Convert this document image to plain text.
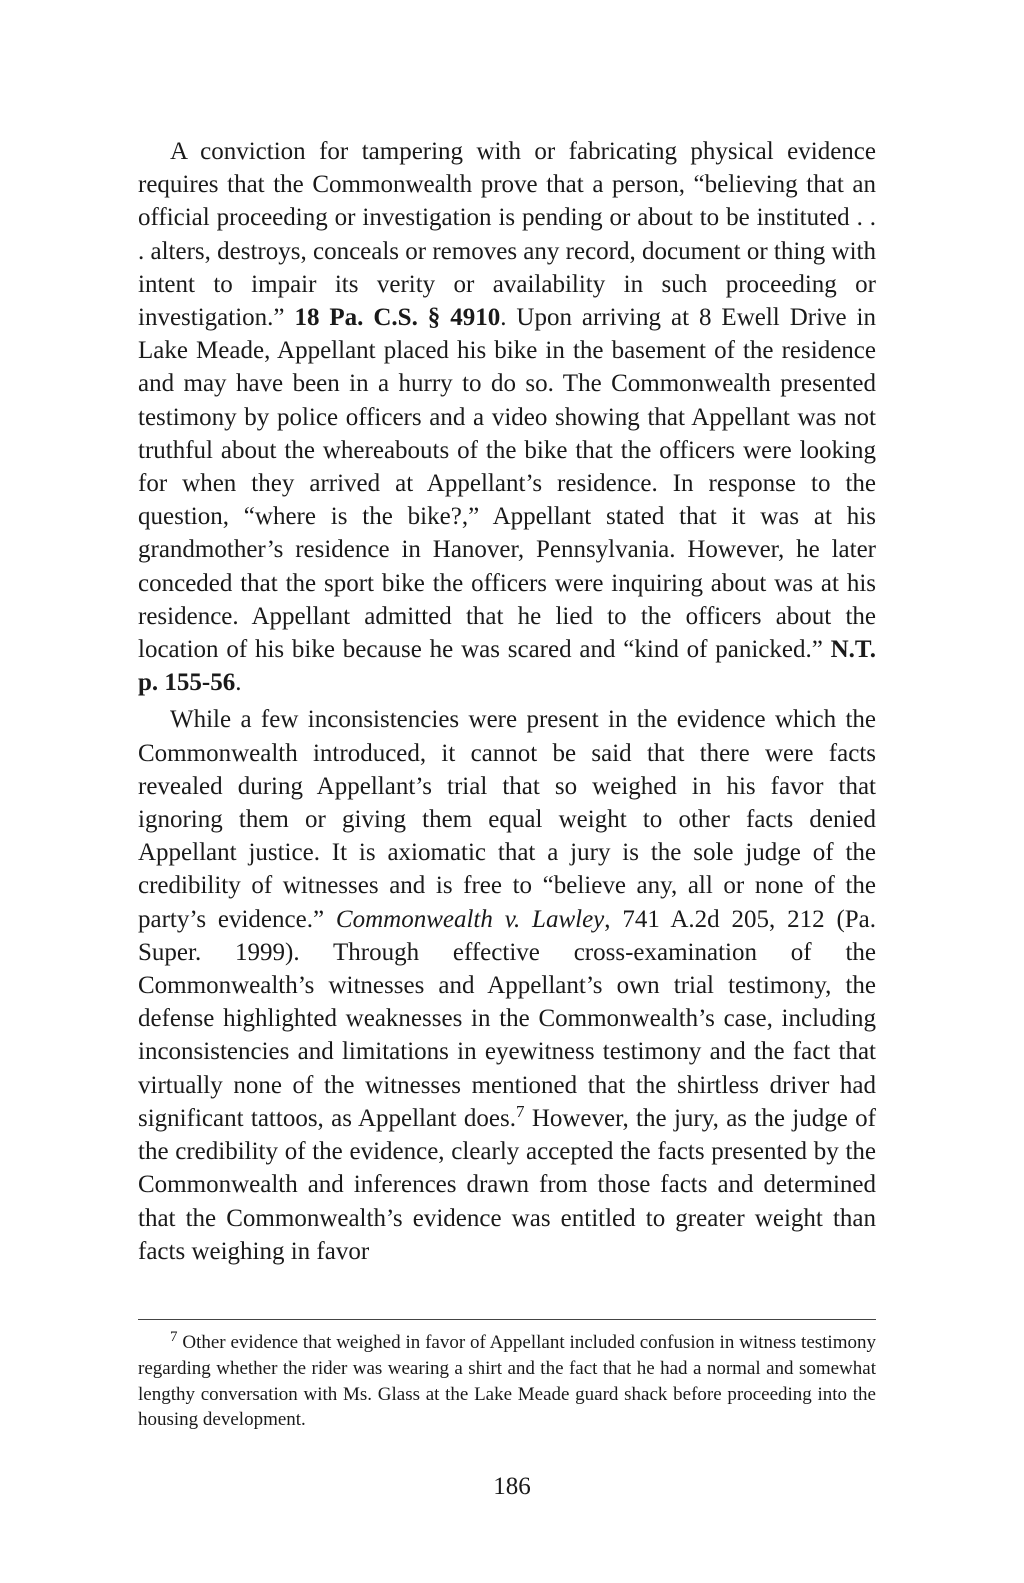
A conviction for tampering with or fabricating physical evidence requires that the Commonwealth prove that a person, “believing that an official proceeding or investigation is pending or about to be instituted . . . alters, destroys, conceals or removes any record, document or thing with intent to impair its verity or availability in such proceeding or investigation.” 18 Pa. C.S. § 4910. Upon arriving at 8 Ewell Drive in Lake Meade, Appellant placed his bike in the basement of the residence and may have been in a hurry to do so. The Commonwealth presented testimony by police officers and a video showing that Appellant was not truthful about the whereabouts of the bike that the officers were looking for when they arrived at Appellant’s residence. In response to the question, “where is the bike?,” Appellant stated that it was at his grandmother’s residence in Hanover, Pennsylvania. However, he later conceded that the sport bike the officers were inquiring about was at his residence. Appellant admitted that he lied to the officers about the location of his bike because he was scared and “kind of panicked.” N.T. p. 155-56.

While a few inconsistencies were present in the evidence which the Commonwealth introduced, it cannot be said that there were facts revealed during Appellant’s trial that so weighed in his favor that ignoring them or giving them equal weight to other facts denied Appellant justice. It is axiomatic that a jury is the sole judge of the credibility of witnesses and is free to “believe any, all or none of the party’s evidence.” Commonwealth v. Lawley, 741 A.2d 205, 212 (Pa. Super. 1999). Through effective cross-examination of the Commonwealth’s witnesses and Appellant’s own trial testimony, the defense highlighted weaknesses in the Commonwealth’s case, including inconsistencies and limitations in eyewitness testimony and the fact that virtually none of the witnesses mentioned that the shirtless driver had significant tattoos, as Appellant does.$^7$ However, the jury, as the judge of the credibility of the evidence, clearly accepted the facts presented by the Commonwealth and inferences drawn from those facts and determined that the Commonwealth’s evidence was entitled to greater weight than facts weighing in favor

$^7$ Other evidence that weighed in favor of Appellant included confusion in witness testimony regarding whether the rider was wearing a shirt and the fact that he had a normal and somewhat lengthy conversation with Ms. Glass at the Lake Meade guard shack before proceeding into the housing development.

186
